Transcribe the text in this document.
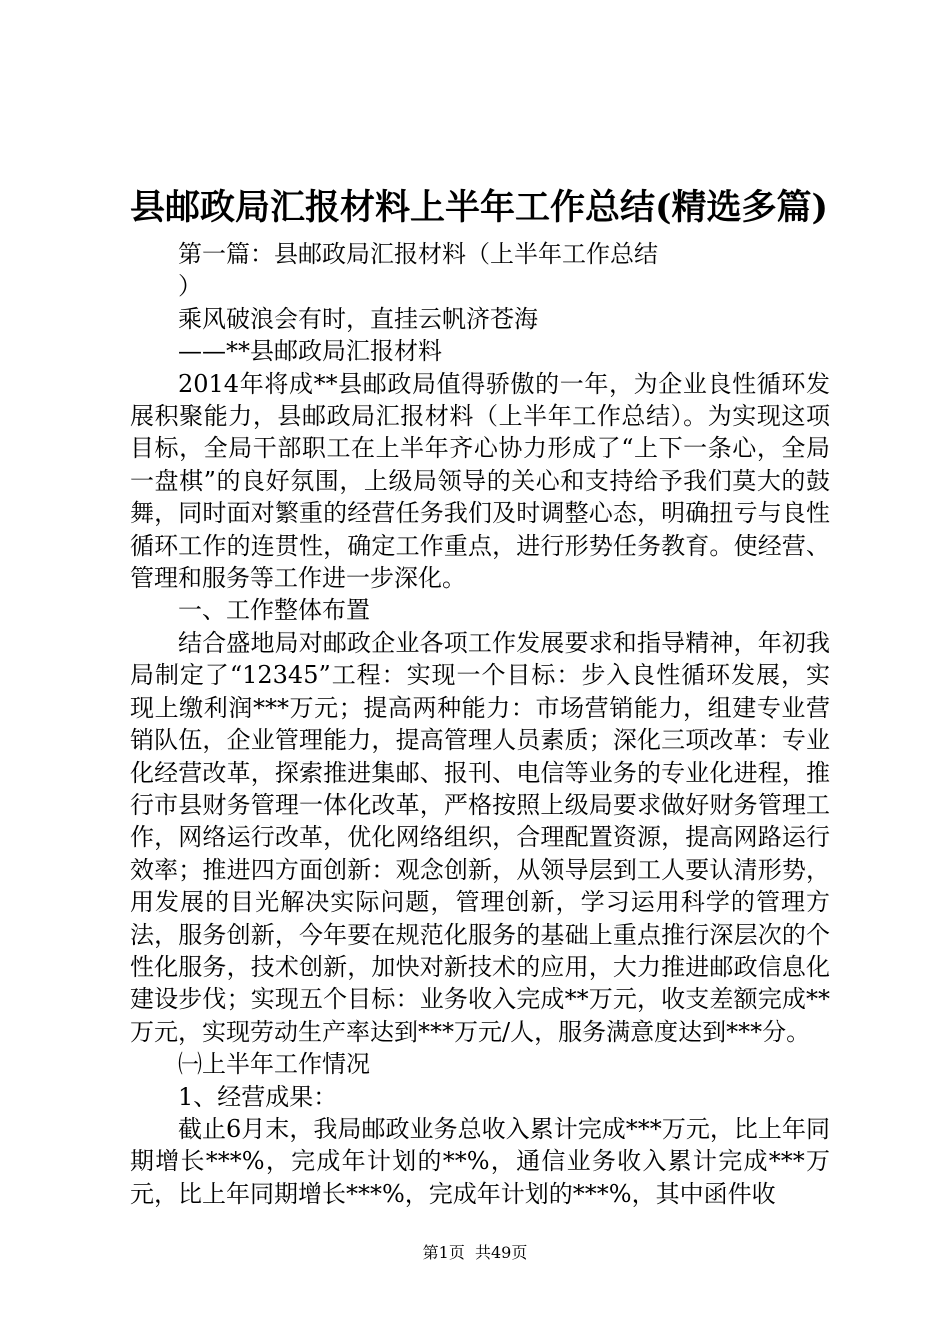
县邮政局汇报材料上半年工作总结(精选多篇)

第一篇：县邮政局汇报材料（上半年工作总结

）

乘风破浪会有时，直挂云帆济苍海

——**县邮政局汇报材料

2014年将成**县邮政局值得骄傲的一年，为企业良性循环发展积聚能力，县邮政局汇报材料（上半年工作总结）。为实现这项目标，全局干部职工在上半年齐心协力形成了“上下一条心，全局一盘棋”的良好氛围，上级局领导的关心和支持给予我们莫大的鼓舞，同时面对繁重的经营任务我们及时调整心态，明确扭亏与良性循环工作的连贯性，确定工作重点，进行形势任务教育。使经营、管理和服务等工作进一步深化。

一、工作整体布置

结合盛地局对邮政企业各项工作发展要求和指导精神，年初我局制定了“12345”工程：实现一个目标：步入良性循环发展，实现上缴利润***万元；提高两种能力：市场营销能力，组建专业营销队伍，企业管理能力，提高管理人员素质；深化三项改革：专业化经营改革，探索推进集邮、报刊、电信等业务的专业化进程，推行市县财务管理一体化改革，严格按照上级局要求做好财务管理工作，网络运行改革，优化网络组织，合理配置资源，提高网路运行效率；推进四方面创新：观念创新，从领导层到工人要认清形势，用发展的目光解决实际问题，管理创新，学习运用科学的管理方法，服务创新，今年要在规范化服务的基础上重点推行深层次的个性化服务，技术创新，加快对新技术的应用，大力推进邮政信息化建设步伐；实现五个目标：业务收入完成**万元，收支差额完成**万元，实现劳动生产率达到***万元/人，服务满意度达到***分。

㈠上半年工作情况

1、经营成果：

截止6月末，我局邮政业务总收入累计完成***万元，比上年同期增长***%，完成年计划的**%，通信业务收入累计完成***万元，比上年同期增长***%，完成年计划的***%，其中函件收

第1页  共49页
